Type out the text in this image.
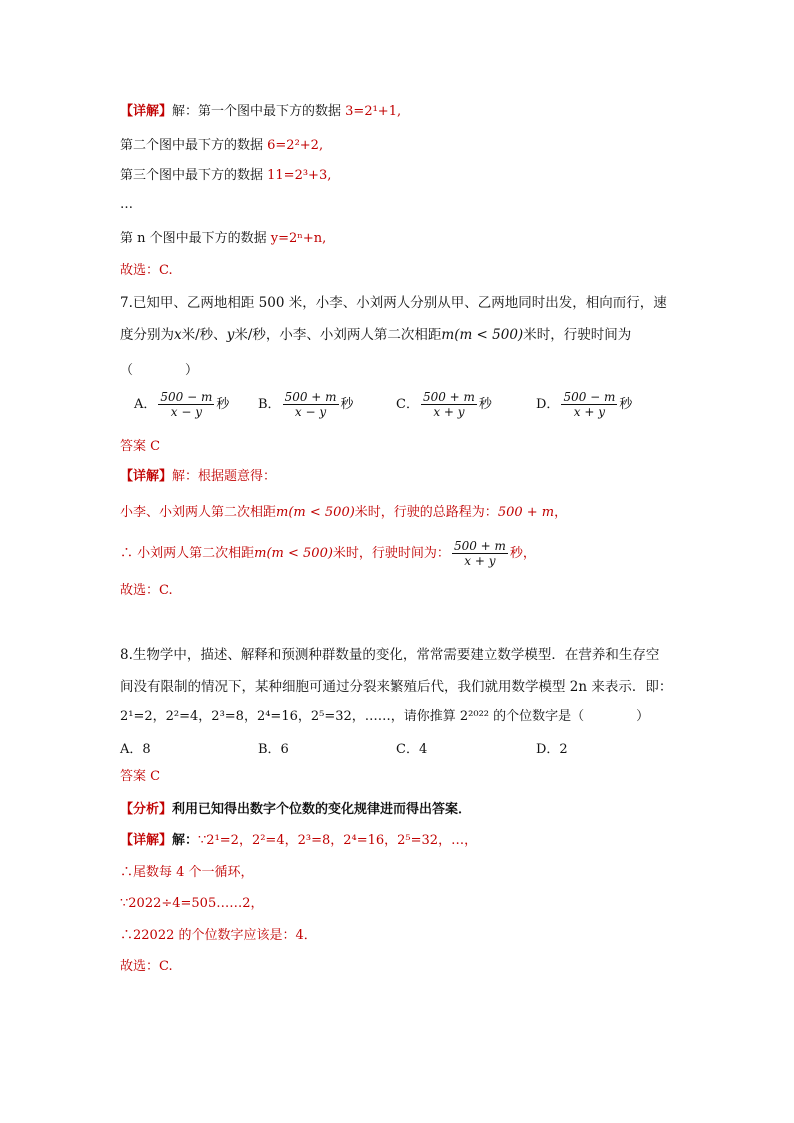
【详解】解：第一个图中最下方的数据 3=2¹+1,
第二个图中最下方的数据 6=2²+2,
第三个图中最下方的数据 11=2³+3,
…
第 n 个图中最下方的数据 y=2ⁿ+n,
故选：C.
7.已知甲、乙两地相距 500 米，小李、小刘两人分别从甲、乙两地同时出发，相向而行，速
度分别为x米/秒、y米/秒，小李、小刘两人第二次相距m(m < 500)米时，行驶时间为
（　　　　）
A． $\frac{500 - m}{x - y}$ 秒 B． $\frac{500 + m}{x - y}$ 秒	C． $\frac{500 + m}{x + y}$ 秒	D． $\frac{500 - m}{x + y}$ 秒
答案 C
【详解】解：根据题意得：
小李、小刘两人第二次相距m(m < 500)米时，行驶的总路程为：500 + m，
∴ 小刘两人第二次相距m(m < 500)米时，行驶时间为： $\frac{500 + m}{x + y}$ 秒，
故选：C.
8.生物学中，描述、解释和预测种群数量的变化，常常需要建立数学模型．在营养和生存空
间没有限制的情况下，某种细胞可通过分裂来繁殖后代，我们就用数学模型 2n 来表示．即：
2¹=2，2²=4，2³=8，2⁴=16，2⁵=32，……，请你推算 2²⁰²² 的个位数字是（　　　　）
A．8	B．6	C．4	D．2
答案 C
【分析】利用已知得出数字个位数的变化规律进而得出答案．
【详解】解：∵2¹=2，2²=4，2³=8，2⁴=16，2⁵=32，…，
∴尾数每 4 个一循环，
∵2022÷4=505……2，
∴22022 的个位数字应该是：4．
故选：C.
